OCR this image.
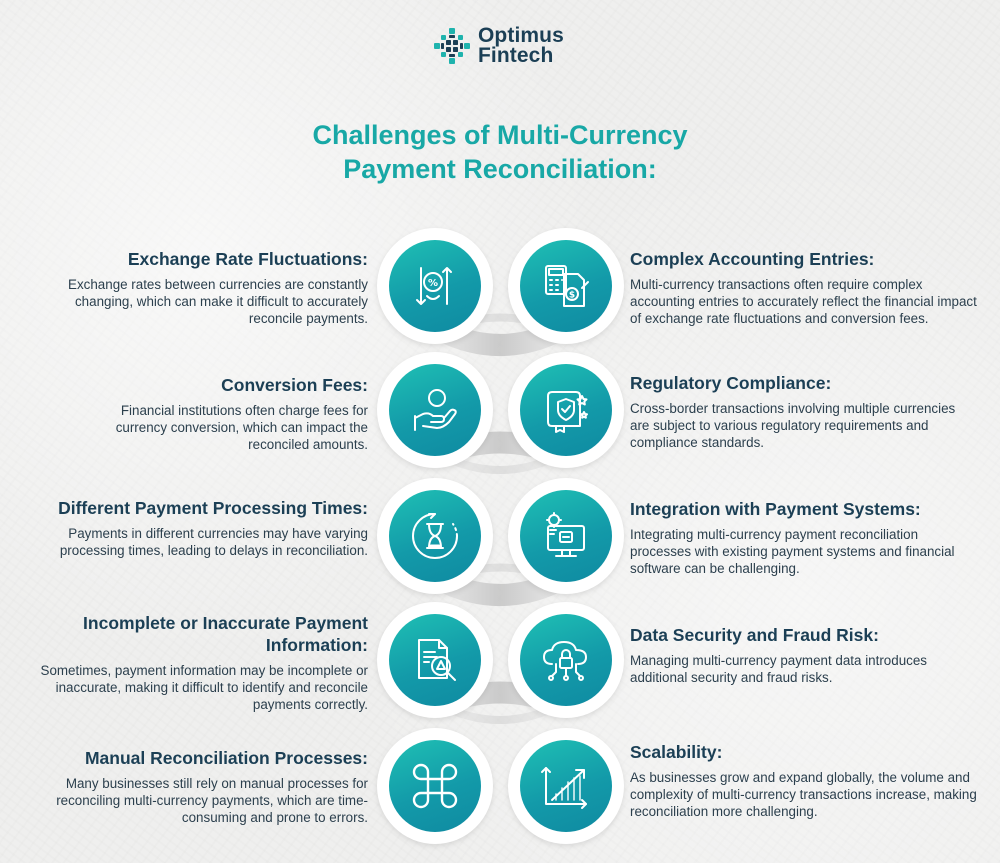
Optimus
Fintech
Challenges of Multi-Currency
Payment Reconciliation:
%
$
Exchange Rate Fluctuations:

Exchange rates between currencies are constantly changing, which can make it difficult to accurately reconcile payments.

Conversion Fees:

Financial institutions often charge fees for currency conversion, which can impact the reconciled amounts.

Different Payment Processing Times:

Payments in different currencies may have varying processing times, leading to delays in reconciliation.

Incomplete or Inaccurate Payment Information:

Sometimes, payment information may be incomplete or inaccurate, making it difficult to identify and reconcile payments correctly.

Manual Reconciliation Processes:

Many businesses still rely on manual processes for reconciling multi-currency payments, which are time-consuming and prone to errors.

Complex Accounting Entries:

Multi-currency transactions often require complex accounting entries to accurately reflect the financial impact of exchange rate fluctuations and conversion fees.

Regulatory Compliance:

Cross-border transactions involving multiple currencies are subject to various regulatory requirements and compliance standards.

Integration with Payment Systems:

Integrating multi-currency payment reconciliation processes with existing payment systems and financial software can be challenging.

Data Security and Fraud Risk:

Managing multi-currency payment data introduces additional security and fraud risks.

Scalability:

As businesses grow and expand globally, the volume and complexity of multi-currency transactions increase, making reconciliation more challenging.
